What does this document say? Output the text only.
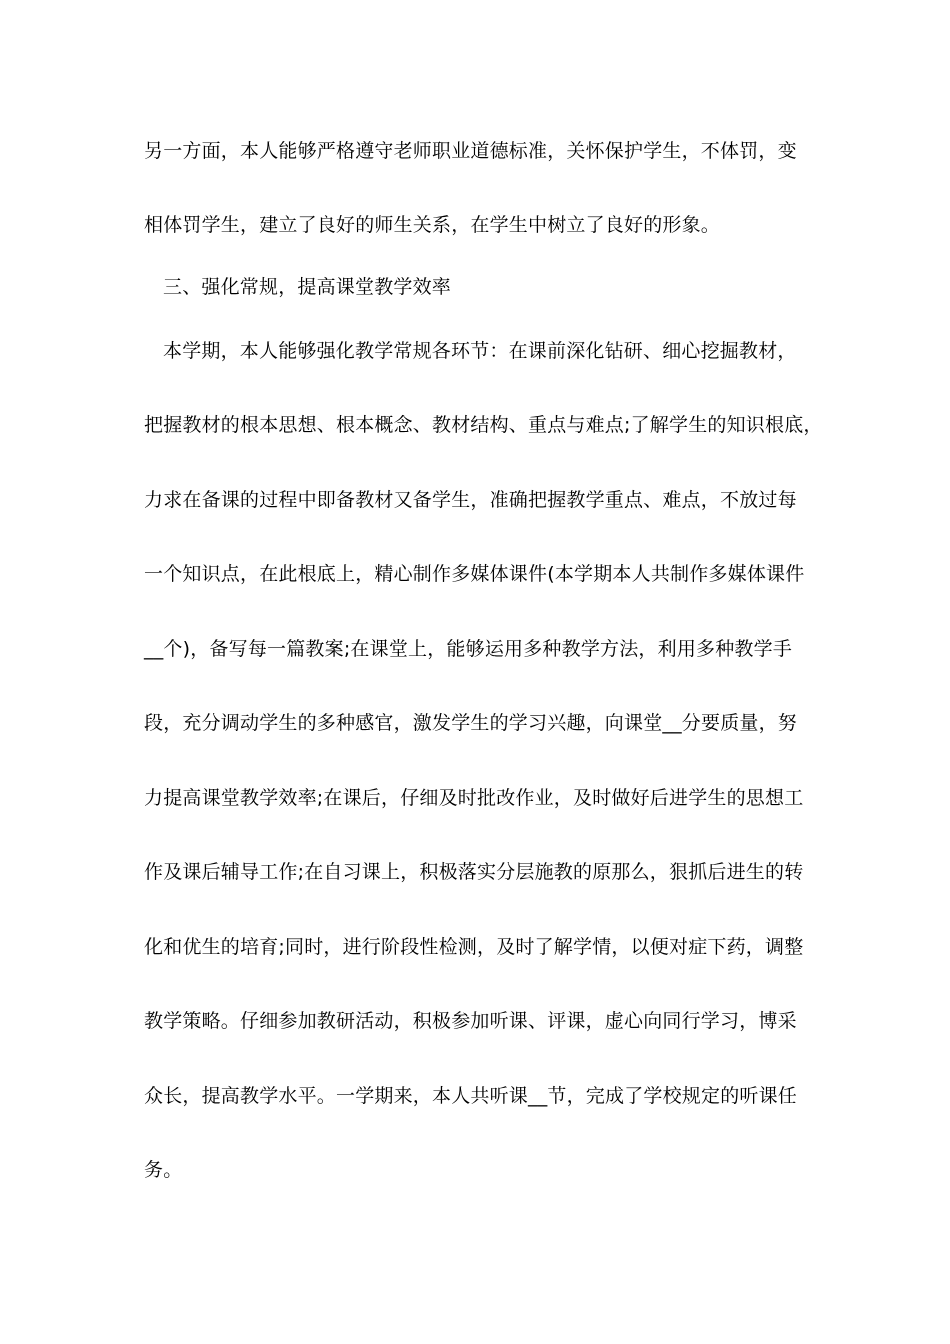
另一方面，本人能够严格遵守老师职业道德标准，关怀保护学生，不体罚，变
相体罚学生，建立了良好的师生关系，在学生中树立了良好的形象。
三、强化常规，提高课堂教学效率
本学期，本人能够强化教学常规各环节：在课前深化钻研、细心挖掘教材，
把握教材的根本思想、根本概念、教材结构、重点与难点;了解学生的知识根底，
力求在备课的过程中即备教材又备学生，准确把握教学重点、难点，不放过每
一个知识点，在此根底上，精心制作多媒体课件(本学期本人共制作多媒体课件
__个)，备写每一篇教案;在课堂上，能够运用多种教学方法，利用多种教学手
段，充分调动学生的多种感官，激发学生的学习兴趣，向课堂__分要质量，努
力提高课堂教学效率;在课后，仔细及时批改作业，及时做好后进学生的思想工
作及课后辅导工作;在自习课上，积极落实分层施教的原那么，狠抓后进生的转
化和优生的培育;同时，进行阶段性检测，及时了解学情，以便对症下药，调整
教学策略。仔细参加教研活动，积极参加听课、评课，虚心向同行学习，博采
众长，提高教学水平。一学期来，本人共听课__节，完成了学校规定的听课任
务。
